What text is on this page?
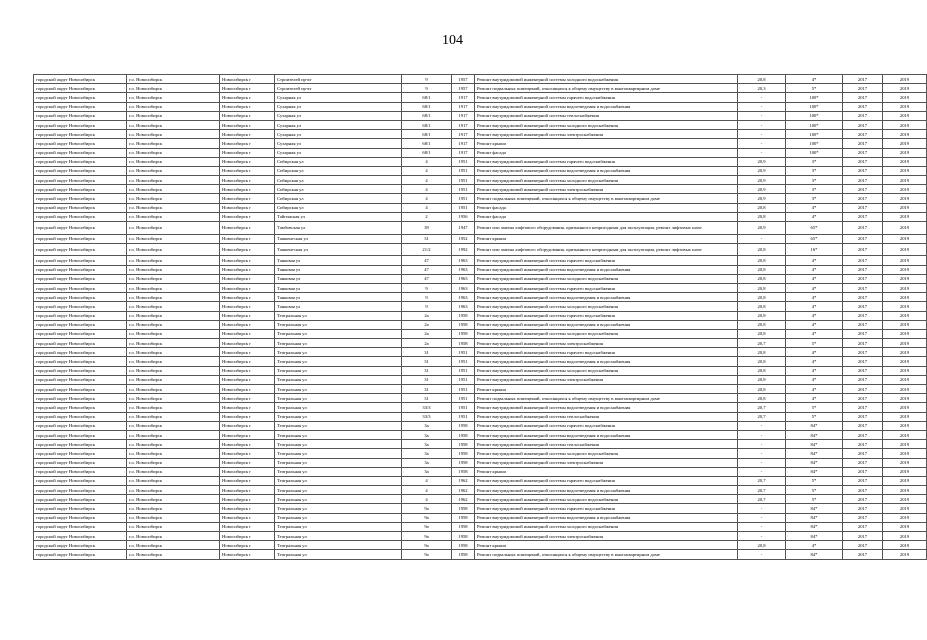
104
городской округ Новосибирск	г.о. Новосибирск	Новосибирск г	Строителей пр-кт	9	1957	Ремонт внутридомовой инженерной системы холодного водоснабжения	20,8	4*	2017	2019
городской округ Новосибирск	г.о. Новосибирск	Новосибирск г	Строителей пр-кт	9	1957	Ремонт подвальных помещений, относящихся к общему имуществу в многоквартирном доме	20,3	5*	2017	2019
городской округ Новосибирск	г.о. Новосибирск	Новосибирск г	Сухарная ул	68/1	1917	Ремонт внутридомовой инженерной системы горячего водоснабжения	-	100*	2017	2019
городской округ Новосибирск	г.о. Новосибирск	Новосибирск г	Сухарная ул	68/1	1917	Ремонт внутридомовой инженерной системы водоотведения и водоснабжения	-	100*	2017	2019
городской округ Новосибирск	г.о. Новосибирск	Новосибирск г	Сухарная ул	68/1	1917	Ремонт внутридомовой инженерной системы теплоснабжения	-	100*	2017	2019
городской округ Новосибирск	г.о. Новосибирск	Новосибирск г	Сухарная ул	68/1	1917	Ремонт внутридомовой инженерной системы холодного водоснабжения	-	100*	2017	2019
городской округ Новосибирск	г.о. Новосибирск	Новосибирск г	Сухарная ул	68/1	1917	Ремонт внутридомовой инженерной системы электроснабжения	-	100*	2017	2019
городской округ Новосибирск	г.о. Новосибирск	Новосибирск г	Сухарная ул	68/1	1917	Ремонт крыши	-	100*	2017	2019
городской округ Новосибирск	г.о. Новосибирск	Новосибирск г	Сухарная ул	68/1	1917	Ремонт фасада	-	100*	2017	2019
городской округ Новосибирск	г.о. Новосибирск	Новосибирск г	Сибирская ул	4	1951	Ремонт внутридомовой инженерной системы горячего водоснабжения	20,9	3*	2017	2019
городской округ Новосибирск	г.о. Новосибирск	Новосибирск г	Сибирская ул	4	1951	Ремонт внутридомовой инженерной системы водоотведения и водоснабжения	20,9	3*	2017	2019
городской округ Новосибирск	г.о. Новосибирск	Новосибирск г	Сибирская ул	4	1951	Ремонт внутридомовой инженерной системы холодного водоснабжения	20,9	3*	2017	2019
городской округ Новосибирск	г.о. Новосибирск	Новосибирск г	Сибирская ул	4	1951	Ремонт внутридомовой инженерной системы электроснабжения	20,9	3*	2017	2019
городской округ Новосибирск	г.о. Новосибирск	Новосибирск г	Сибирская ул	4	1951	Ремонт подвальных помещений, относящихся к общему имуществу в многоквартирном доме	20,9	3*	2017	2019
городской округ Новосибирск	г.о. Новосибирск	Новосибирск г	Сибирская ул	4	1951	Ремонт фасада	20,8	4*	2017	2019
городской округ Новосибирск	г.о. Новосибирск	Новосибирск г	Тайгинская ул	2	1956	Ремонт фасада	20,8	4*	2017	2019
городской округ Новосибирск	г.о. Новосибирск	Новосибирск г	Тамбовская ул	39	1947	Ремонт или замена лифтового оборудования, признанного непригодным для эксплуатации, ремонт лифтовых шахт	20,9	65*	2017	2019
городской округ Новосибирск	г.о. Новосибирск	Новосибирск г	Ташкентская ул	31	1952	Ремонт крыши	-	65*	2017	2019
городской округ Новосибирск	г.о. Новосибирск	Новосибирск г	Ташкентская ул	21/2	1992	Ремонт или замена лифтового оборудования, признанного непригодным для эксплуатации, ремонт лифтовых шахт	20,8	16*	2017	2019
городской округ Новосибирск	г.о. Новосибирск	Новосибирск г	Танковая ул	47	1963	Ремонт внутридомовой инженерной системы горячего водоснабжения	20,8	4*	2017	2019
городской округ Новосибирск	г.о. Новосибирск	Новосибирск г	Танковая ул	47	1963	Ремонт внутридомовой инженерной системы водоотведения и водоснабжения	20,8	4*	2017	2019
городской округ Новосибирск	г.о. Новосибирск	Новосибирск г	Танковая ул	47	1963	Ремонт внутридомовой инженерной системы холодного водоснабжения	20,8	4*	2017	2019
городской округ Новосибирск	г.о. Новосибирск	Новосибирск г	Танковая ул	9	1963	Ремонт внутридомовой инженерной системы горячего водоснабжения	20,8	4*	2017	2019
городской округ Новосибирск	г.о. Новосибирск	Новосибирск г	Танковая ул	9	1963	Ремонт внутридомовой инженерной системы водоотведения и водоснабжения	20,8	4*	2017	2019
городской округ Новосибирск	г.о. Новосибирск	Новосибирск г	Танковая ул	9	1963	Ремонт внутридомовой инженерной системы холодного водоснабжения	20,8	4*	2017	2019
городской округ Новосибирск	г.о. Новосибирск	Новосибирск г	Театральная ул	2a	1958	Ремонт внутридомовой инженерной системы горячего водоснабжения	20,8	4*	2017	2019
городской округ Новосибирск	г.о. Новосибирск	Новосибирск г	Театральная ул	2a	1958	Ремонт внутридомовой инженерной системы водоотведения и водоснабжения	20,8	4*	2017	2019
городской округ Новосибирск	г.о. Новосибирск	Новосибирск г	Театральная ул	2a	1958	Ремонт внутридомовой инженерной системы холодного водоснабжения	20,8	4*	2017	2019
городской округ Новосибирск	г.о. Новосибирск	Новосибирск г	Театральная ул	2a	1958	Ремонт внутридомовой инженерной системы электроснабжения	20,7	5*	2017	2019
городской округ Новосибирск	г.о. Новосибирск	Новосибирск г	Театральная ул	31	1951	Ремонт внутридомовой инженерной системы горячего водоснабжения	20,8	4*	2017	2019
городской округ Новосибирск	г.о. Новосибирск	Новосибирск г	Театральная ул	31	1951	Ремонт внутридомовой инженерной системы водоотведения и водоснабжения	20,8	4*	2017	2019
городской округ Новосибирск	г.о. Новосибирск	Новосибирск г	Театральная ул	31	1951	Ремонт внутридомовой инженерной системы холодного водоснабжения	20,8	4*	2017	2019
городской округ Новосибирск	г.о. Новосибирск	Новосибирск г	Театральная ул	31	1951	Ремонт внутридомовой инженерной системы электроснабжения	20,8	4*	2017	2019
городской округ Новосибирск	г.о. Новосибирск	Новосибирск г	Театральная ул	31	1951	Ремонт крыши	20,8	4*	2017	2019
городской округ Новосибирск	г.о. Новосибирск	Новосибирск г	Театральная ул	31	1951	Ремонт подвальных помещений, относящихся к общему имуществу в многоквартирном доме	20,8	4*	2017	2019
городской округ Новосибирск	г.о. Новосибирск	Новосибирск г	Театральная ул	33/3	1951	Ремонт внутридомовой инженерной системы водоотведения и водоснабжения	20,7	5*	2017	2019
городской округ Новосибирск	г.о. Новосибирск	Новосибирск г	Театральная ул	33/3	1951	Ремонт внутридомовой инженерной системы теплоснабжения	20,7	5*	2017	2019
городской округ Новосибирск	г.о. Новосибирск	Новосибирск г	Театральная ул	3a	1958	Ремонт внутридомовой инженерной системы горячего водоснабжения	-	84*	2017	2019
городской округ Новосибирск	г.о. Новосибирск	Новосибирск г	Театральная ул	3a	1958	Ремонт внутридомовой инженерной системы водоотведения и водоснабжения	-	84*	2017	2019
городской округ Новосибирск	г.о. Новосибирск	Новосибирск г	Театральная ул	3a	1958	Ремонт внутридомовой инженерной системы теплоснабжения	-	84*	2017	2019
городской округ Новосибирск	г.о. Новосибирск	Новосибирск г	Театральная ул	3a	1958	Ремонт внутридомовой инженерной системы холодного водоснабжения	-	84*	2017	2019
городской округ Новосибирск	г.о. Новосибирск	Новосибирск г	Театральная ул	3a	1958	Ремонт внутридомовой инженерной системы электроснабжения	-	84*	2017	2019
городской округ Новосибирск	г.о. Новосибирск	Новосибирск г	Театральная ул	3a	1958	Ремонт крыши	-	84*	2017	2019
городской округ Новосибирск	г.о. Новосибирск	Новосибирск г	Театральная ул	4	1962	Ремонт внутридомовой инженерной системы горячего водоснабжения	20,7	5*	2017	2019
городской округ Новосибирск	г.о. Новосибирск	Новосибирск г	Театральная ул	4	1962	Ремонт внутридомовой инженерной системы водоотведения и водоснабжения	20,7	5*	2017	2019
городской округ Новосибирск	г.о. Новосибирск	Новосибирск г	Театральная ул	4	1962	Ремонт внутридомовой инженерной системы холодного водоснабжения	20,7	5*	2017	2019
городской округ Новосибирск	г.о. Новосибирск	Новосибирск г	Театральная ул	9a	1958	Ремонт внутридомовой инженерной системы горячего водоснабжения	-	84*	2017	2019
городской округ Новосибирск	г.о. Новосибирск	Новосибирск г	Театральная ул	9a	1958	Ремонт внутридомовой инженерной системы водоотведения и водоснабжения	-	84*	2017	2019
городской округ Новосибирск	г.о. Новосибирск	Новосибирск г	Театральная ул	9a	1958	Ремонт внутридомовой инженерной системы холодного водоснабжения	-	84*	2017	2019
городской округ Новосибирск	г.о. Новосибирск	Новосибирск г	Театральная ул	9a	1958	Ремонт внутридомовой инженерной системы электроснабжения	-	84*	2017	2019
городской округ Новосибирск	г.о. Новосибирск	Новосибирск г	Театральная ул	9a	1958	Ремонт крыши	20,8	4*	2017	2019
городской округ Новосибирск	г.о. Новосибирск	Новосибирск г	Театральная ул	9a	1958	Ремонт подвальных помещений, относящихся к общему имуществу в многоквартирном доме	-	84*	2017	2019
